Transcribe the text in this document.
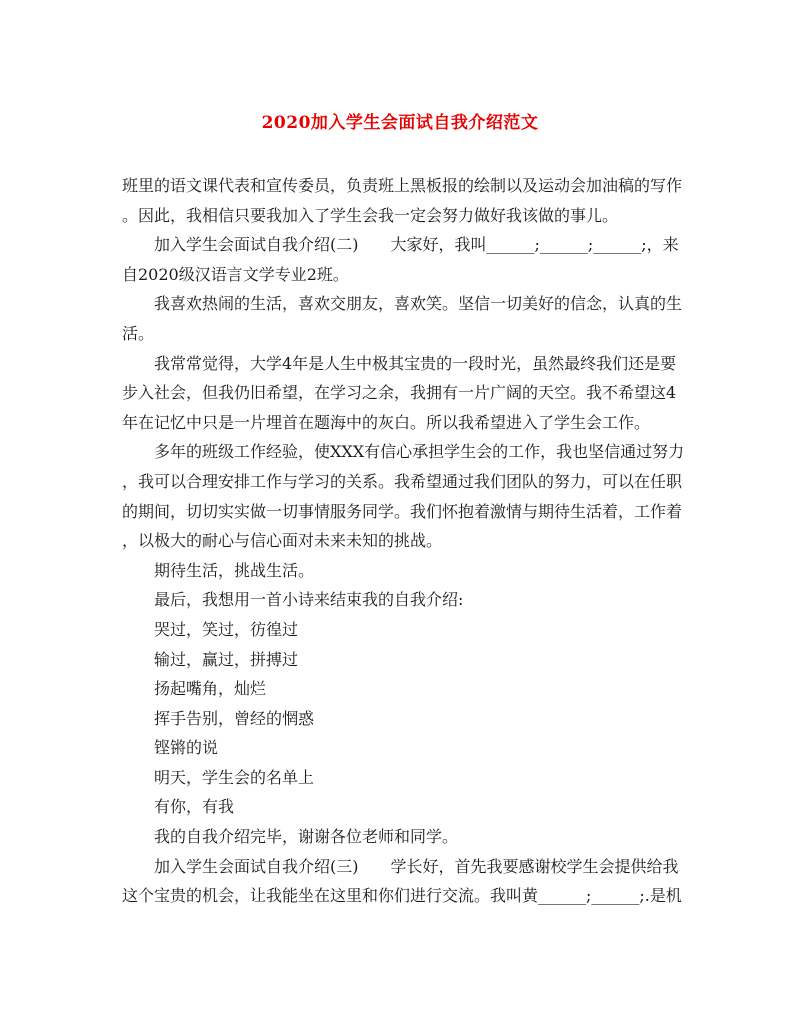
2020加入学生会面试自我介绍范文
班里的语文课代表和宣传委员，负责班上黑板报的绘制以及运动会加油稿的写作
。因此，我相信只要我加入了学生会我一定会努力做好我该做的事儿。
加入学生会面试自我介绍(二)　　大家好，我叫______;______;______;，来
自2020级汉语言文学专业2班。
我喜欢热闹的生活，喜欢交朋友，喜欢笑。坚信一切美好的信念，认真的生
活。
我常常觉得，大学4年是人生中极其宝贵的一段时光，虽然最终我们还是要
步入社会，但我仍旧希望，在学习之余，我拥有一片广阔的天空。我不希望这4
年在记忆中只是一片埋首在题海中的灰白。所以我希望进入了学生会工作。
多年的班级工作经验，使XXX有信心承担学生会的工作，我也坚信通过努力
，我可以合理安排工作与学习的关系。我希望通过我们团队的努力，可以在任职
的期间，切切实实做一切事情服务同学。我们怀抱着激情与期待生活着，工作着
，以极大的耐心与信心面对未来未知的挑战。
期待生活，挑战生活。
最后，我想用一首小诗来结束我的自我介绍:
哭过，笑过，彷徨过
输过，赢过，拼搏过
扬起嘴角，灿烂
挥手告别，曾经的惘惑
铿锵的说
明天，学生会的名单上
有你，有我
我的自我介绍完毕，谢谢各位老师和同学。
加入学生会面试自我介绍(三)　　学长好，首先我要感谢校学生会提供给我
这个宝贵的机会，让我能坐在这里和你们进行交流。我叫黄______;______;.是机
